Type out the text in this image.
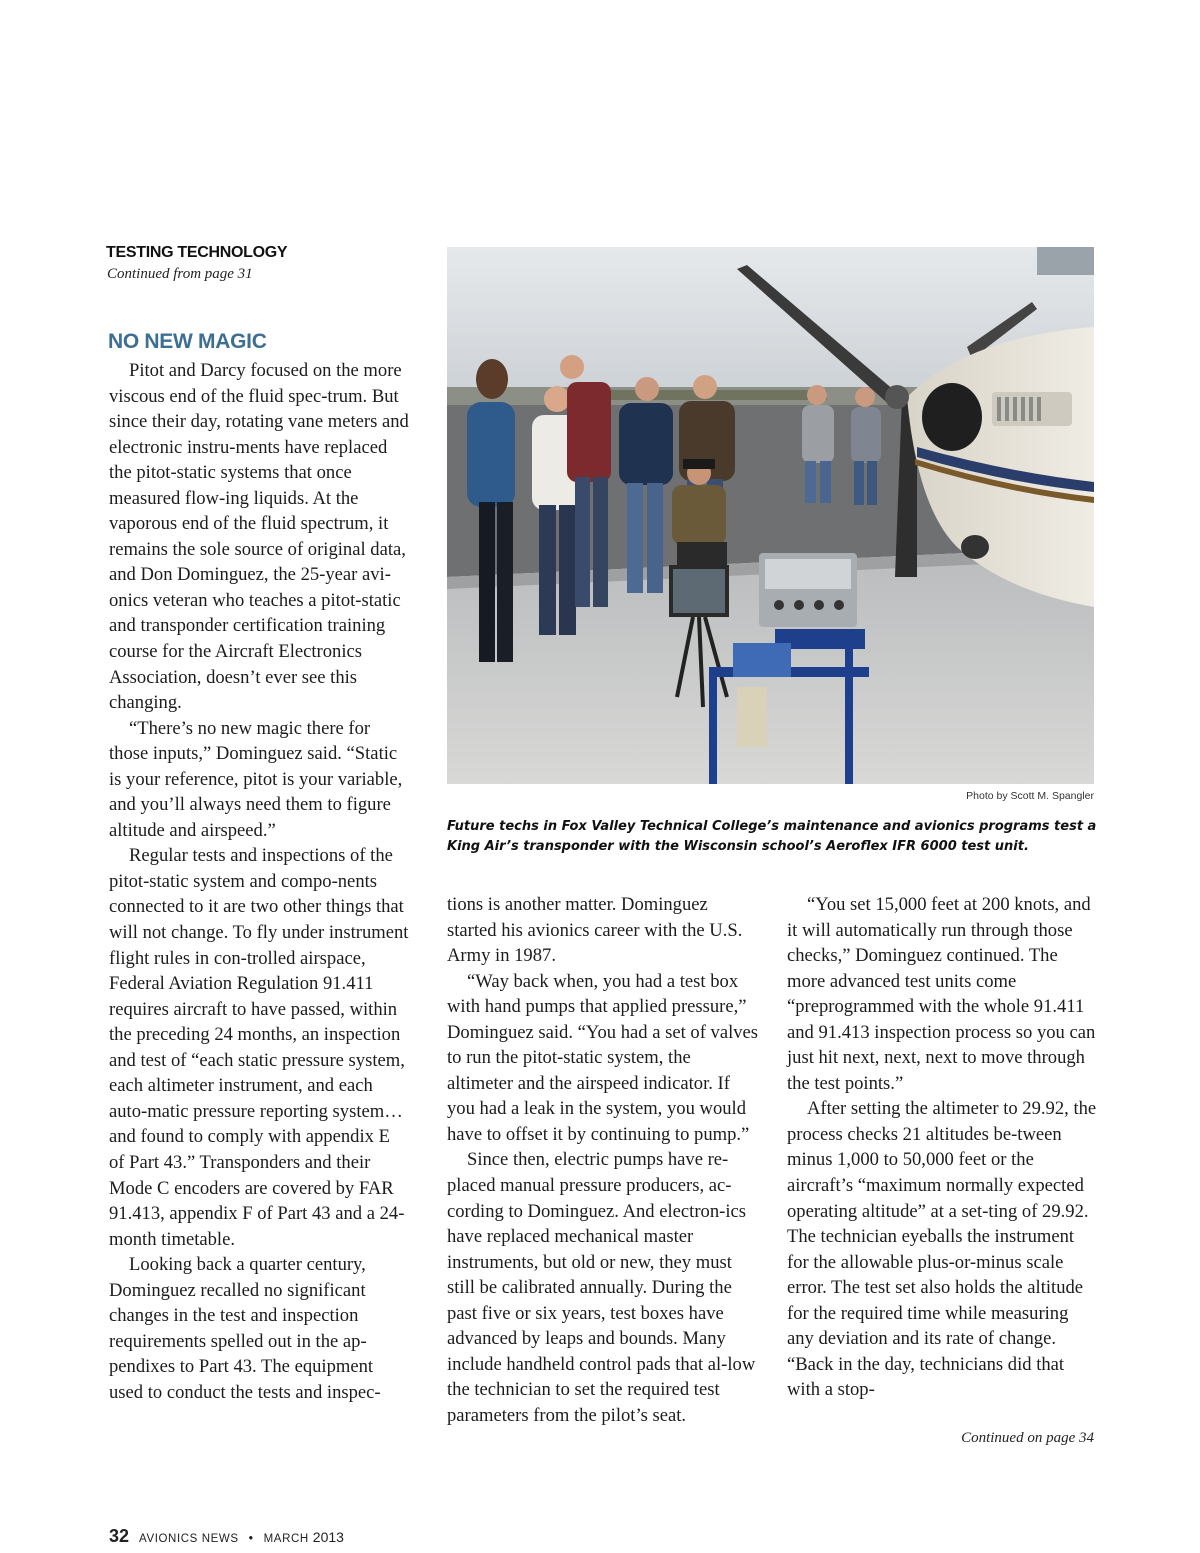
TESTING TECHNOLOGY
Continued from page 31
NO NEW MAGIC

Pitot and Darcy focused on the more viscous end of the fluid spec-trum. But since their day, rotating vane meters and electronic instru-ments have replaced the pitot-static systems that once measured flow-ing liquids. At the vaporous end of the fluid spectrum, it remains the sole source of original data, and Don Dominguez, the 25-year avi-onics veteran who teaches a pitot-static and transponder certification training course for the Aircraft Electronics Association, doesn’t ever see this changing.

“There’s no new magic there for those inputs,” Dominguez said. “Static is your reference, pitot is your variable, and you’ll always need them to figure altitude and airspeed.”

Regular tests and inspections of the pitot-static system and compo-nents connected to it are two other things that will not change. To fly under instrument flight rules in con-trolled airspace, Federal Aviation Regulation 91.411 requires aircraft to have passed, within the preceding 24 months, an inspection and test of “each static pressure system, each altimeter instrument, and each auto-matic pressure reporting system… and found to comply with appendix E of Part 43.” Transponders and their Mode C encoders are covered by FAR 91.413, appendix F of Part 43 and a 24-month timetable.

Looking back a quarter century, Dominguez recalled no significant changes in the test and inspection requirements spelled out in the ap-pendixes to Part 43. The equipment used to conduct the tests and inspec-

Photo by Scott M. Spangler
Future techs in Fox Valley Technical College’s maintenance and avionics programs test a King Air’s transponder with the Wisconsin school’s Aeroflex IFR 6000 test unit.

tions is another matter. Dominguez started his avionics career with the U.S. Army in 1987.

“Way back when, you had a test box with hand pumps that applied pressure,” Dominguez said. “You had a set of valves to run the pitot-static system, the altimeter and the airspeed indicator. If you had a leak in the system, you would have to offset it by continuing to pump.”

Since then, electric pumps have re-placed manual pressure producers, ac-cording to Dominguez. And electron-ics have replaced mechanical master instruments, but old or new, they must still be calibrated annually. During the past five or six years, test boxes have advanced by leaps and bounds. Many include handheld control pads that al-low the technician to set the required test parameters from the pilot’s seat.

“You set 15,000 feet at 200 knots, and it will automatically run through those checks,” Dominguez continued. The more advanced test units come “preprogrammed with the whole 91.411 and 91.413 inspection process so you can just hit next, next, next to move through the test points.”

After setting the altimeter to 29.92, the process checks 21 altitudes be-tween minus 1,000 to 50,000 feet or the aircraft’s “maximum normally expected operating altitude” at a set-ting of 29.92. The technician eyeballs the instrument for the allowable plus-or-minus scale error. The test set also holds the altitude for the required time while measuring any deviation and its rate of change. “Back in the day, technicians did that with a stop-

Continued on page 34
32 AVIONICS NEWS • MARCH 2013
